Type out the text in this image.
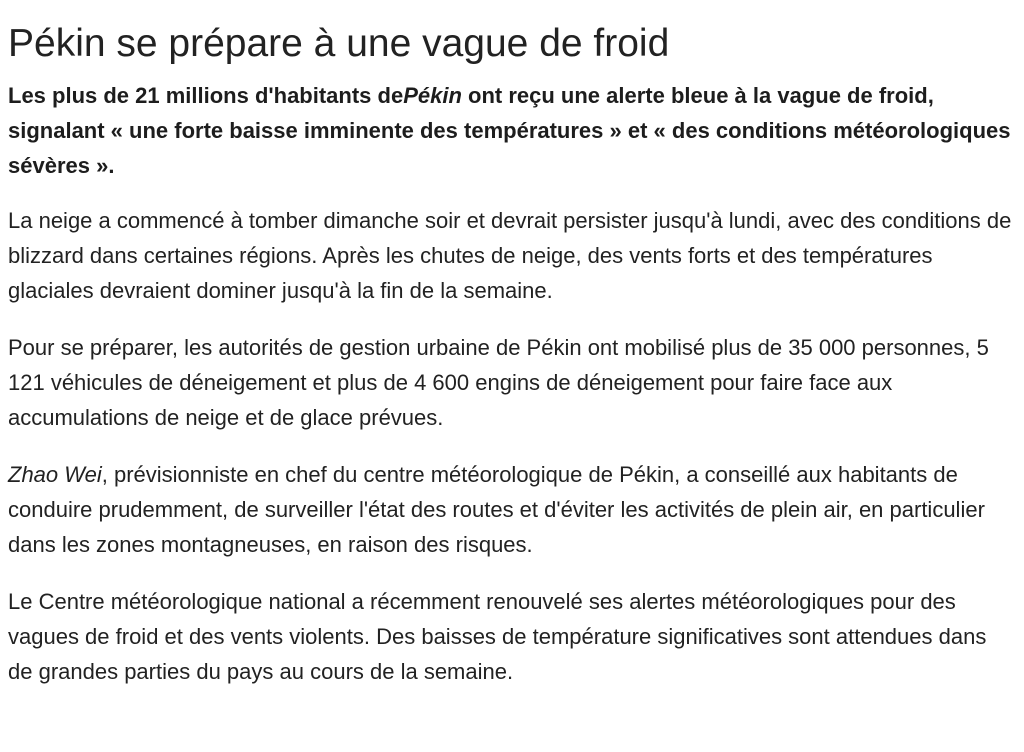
Pékin se prépare à une vague de froid

Les plus de 21 millions d'habitants dePékin ont reçu une alerte bleue à la vague de froid, signalant « une forte baisse imminente des températures » et « des conditions météorologiques sévères ».

La neige a commencé à tomber dimanche soir et devrait persister jusqu'à lundi, avec des conditions de blizzard dans certaines régions. Après les chutes de neige, des vents forts et des températures glaciales devraient dominer jusqu'à la fin de la semaine.

Pour se préparer, les autorités de gestion urbaine de Pékin ont mobilisé plus de 35 000 personnes, 5 121 véhicules de déneigement et plus de 4 600 engins de déneigement pour faire face aux accumulations de neige et de glace prévues.

Zhao Wei, prévisionniste en chef du centre météorologique de Pékin, a conseillé aux habitants de conduire prudemment, de surveiller l'état des routes et d'éviter les activités de plein air, en particulier dans les zones montagneuses, en raison des risques.

Le Centre météorologique national a récemment renouvelé ses alertes météorologiques pour des vagues de froid et des vents violents. Des baisses de température significatives sont attendues dans de grandes parties du pays au cours de la semaine.
